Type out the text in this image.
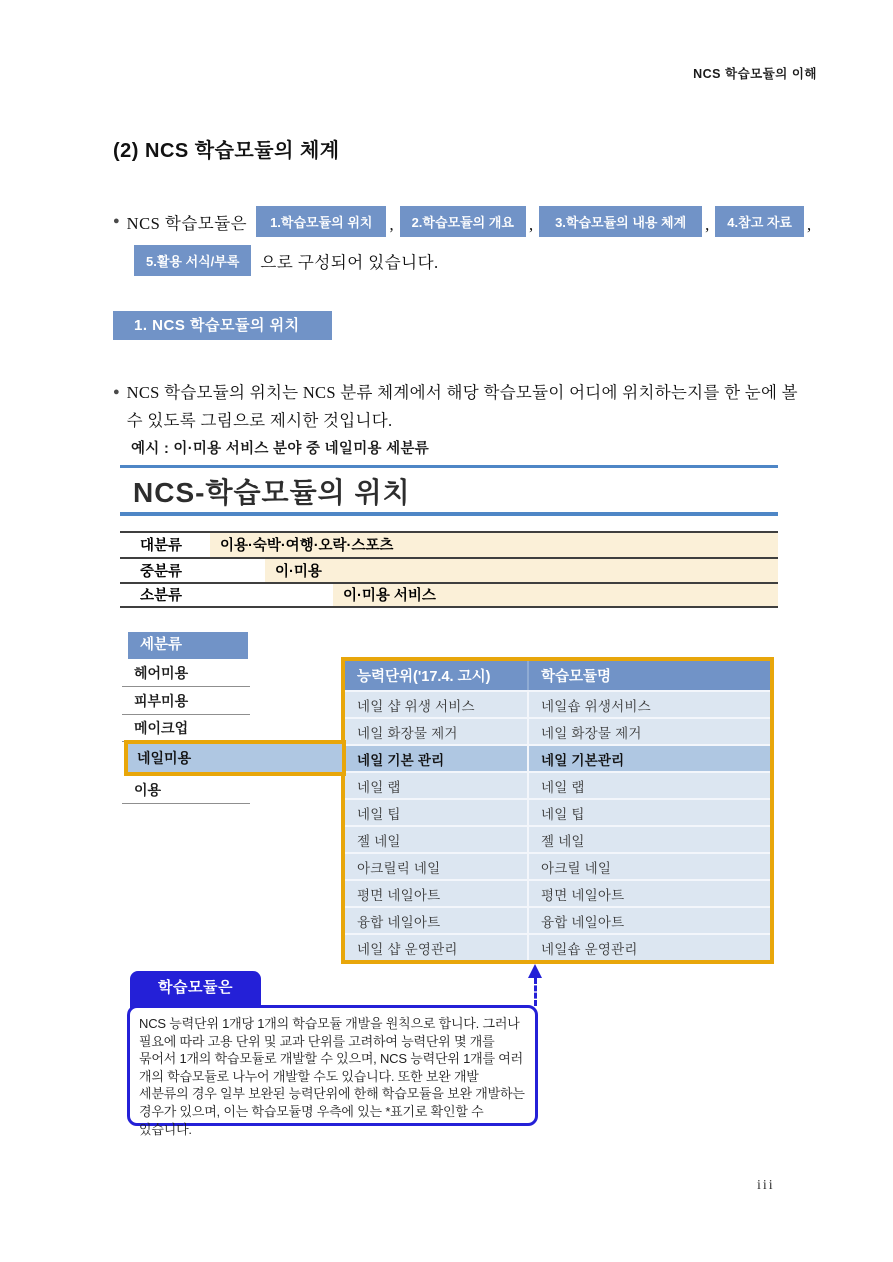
NCS 학습모듈의 이해
(2) NCS 학습모듈의 체계
● NCS 학습모듈은	1.학습모듈의 위치	,	2.학습모듈의 개요 ,	3.학습모듈의 내용 체계	,	4.참고 자료 ,
5.활용 서식/부록	으로 구성되어 있습니다.
1. NCS 학습모듈의 위치
● NCS 학습모듈의 위치는 NCS 분류 체계에서 해당 학습모듈이 어디에 위치하는지를 한 눈에 볼 수 있도록 그림으로 제시한 것입니다.
예시 : 이·미용 서비스 분야 중 네일미용 세분류
NCS-학습모듈의 위치
대분류	이용·숙박·여행·오락·스포츠
중분류	이·미용
소분류	이·미용 서비스
세분류
헤어미용
피부미용
메이크업
네일미용
이용
능력단위('17.4. 고시)	학습모듈명
네일 샵 위생 서비스	네일숍 위생서비스
네일 화장물 제거	네일 화장물 제거
네일 기본 관리	네일 기본관리
네일 랩	네일 랩
네일 팁	네일 팁
젤 네일	젤 네일
아크릴릭 네일	아크릴 네일
평면 네일아트	평면 네일아트
융합 네일아트	융합 네일아트
네일 샵 운영관리	네일숍 운영관리
학습모듈은
NCS 능력단위 1개당 1개의 학습모듈 개발을 원칙으로 합니다. 그러나 필요에 따라 고용 단위 및 교과 단위를 고려하여 능력단위 몇 개를 묶어서 1개의 학습모듈로 개발할 수 있으며, NCS 능력단위 1개를 여러 개의 학습모듈로 나누어 개발할 수도 있습니다. 또한 보완 개발 세분류의 경우 일부 보완된 능력단위에 한해 학습모듈을 보완 개발하는 경우가 있으며, 이는 학습모듈명 우측에 있는 *표기로 확인할 수 있습니다.
iii
